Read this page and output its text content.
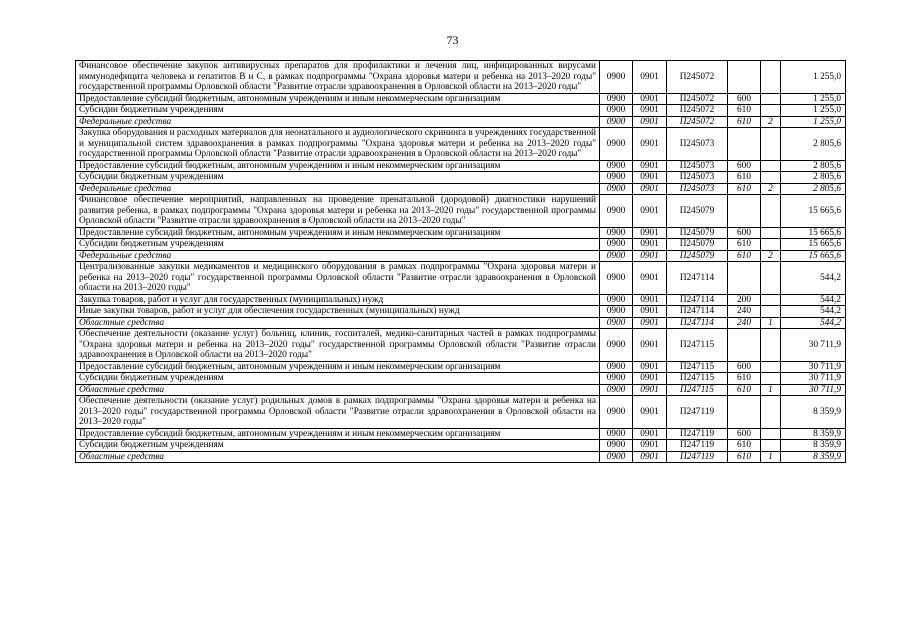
73
Финансовое обеспечение закупок антивирусных препаратов для профилактики и лечения лиц, инфицированных вирусами иммунодефицита человека и гепатитов В и С, в рамках подпрограммы "Охрана здоровья матери и ребенка на 2013–2020 годы" государственной программы Орловской области "Развитие отрасли здравоохранения в Орловской области на 2013–2020 годы"	0900	0901	П245072			1 255,0
Предоставление субсидий бюджетным, автономным учреждениям и иным некоммерческим организациям	0900	0901	П245072	600		1 255,0
Субсидии бюджетным учреждениям	0900	0901	П245072	610		1 255,0
Федеральные средства	0900	0901	П245072	610	2	1 255,0
Закупка оборудования и расходных материалов для неонатального и аудиологического скрининга в учреждениях государственной и муниципальной систем здравоохранения в рамках подпрограммы "Охрана здоровья матери и ребенка на 2013–2020 годы" государственной программы Орловской области "Развитие отрасли здравоохранения в Орловской области на 2013–2020 годы"	0900	0901	П245073			2 805,6
Предоставление субсидий бюджетным, автономным учреждениям и иным некоммерческим организациям	0900	0901	П245073	600		2 805,6
Субсидии бюджетным учреждениям	0900	0901	П245073	610		2 805,6
Федеральные средства	0900	0901	П245073	610	2	2 805,6
Финансовое обеспечение мероприятий, направленных на проведение пренатальной (дородовой) диагностики нарушений развития ребенка, в рамках подпрограммы "Охрана здоровья матери и ребенка на 2013–2020 годы" государственной программы Орловской области "Развитие отрасли здравоохранения в Орловской области на 2013–2020 годы"	0900	0901	П245079			15 665,6
Предоставление субсидий бюджетным, автономным учреждениям и иным некоммерческим организациям	0900	0901	П245079	600		15 665,6
Субсидии бюджетным учреждениям	0900	0901	П245079	610		15 665,6
Федеральные средства	0900	0901	П245079	610	2	15 665,6
Централизованные закупки медикаментов и медицинского оборудования в рамках подпрограммы "Охрана здоровья матери и ребенка на 2013–2020 годы" государственной программы Орловской области "Развитие отрасли здравоохранения в Орловской области на 2013–2020 годы"	0900	0901	П247114			544,2
Закупка товаров, работ и услуг для государственных (муниципальных) нужд	0900	0901	П247114	200		544,2
Иные закупки товаров, работ и услуг для обеспечения государственных (муниципальных) нужд	0900	0901	П247114	240		544,2
Областные средства	0900	0901	П247114	240	1	544,2
Обеспечение деятельности (оказание услуг) больниц, клиник, госпиталей, медико-санитарных частей в рамках подпрограммы "Охрана здоровья матери и ребенка на 2013–2020 годы" государственной программы Орловской области "Развитие отрасли здравоохранения в Орловской области на 2013–2020 годы"	0900	0901	П247115			30 711,9
Предоставление субсидий бюджетным, автономным учреждениям и иным некоммерческим организациям	0900	0901	П247115	600		30 711,9
Субсидии бюджетным учреждениям	0900	0901	П247115	610		30 711,9
Областные средства	0900	0901	П247115	610	1	30 711,9
Обеспечение деятельности (оказание услуг) родильных домов в рамках подпрограммы "Охрана здоровья матери и ребенка на 2013–2020 годы" государственной программы Орловской области "Развитие отрасли здравоохранения в Орловской области на 2013–2020 годы"	0900	0901	П247119			8 359,9
Предоставление субсидий бюджетным, автономным учреждениям и иным некоммерческим организациям	0900	0901	П247119	600		8 359,9
Субсидии бюджетным учреждениям	0900	0901	П247119	610		8 359,9
Областные средства	0900	0901	П247119	610	1	8 359,9
